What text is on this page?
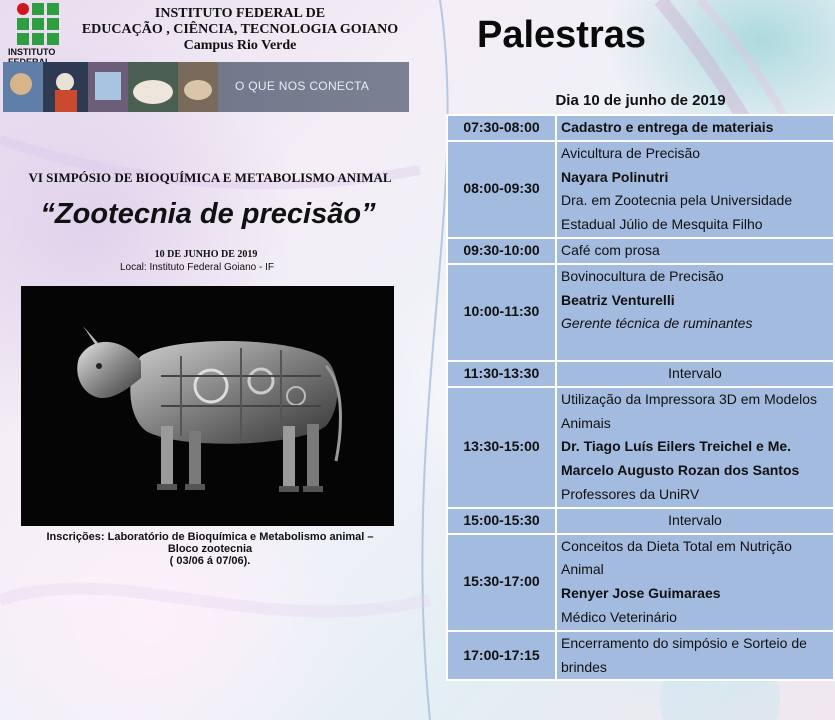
INSTITUTO
INSTITUTO FEDERAL DE
EDUCAÇÃO , CIÊNCIA, TECNOLOGIA GOIANO
Campus Rio Verde
O QUE NOS CONECTA
VI SIMPÓSIO DE BIOQUÍMICA E METABOLISMO ANIMAL
“Zootecnia de precisão”
10 DE JUNHO DE 2019
Local: Instituto Federal Goiano - IF
Inscrições: Laboratório de Bioquímica e Metabolismo animal –
Bloco zootecnia
( 03/06 á 07/06).
Palestras
Dia 10 de junho de 2019
07:30-08:00	Cadastro e entrega de materiais

08:00-09:30	Avicultura de Precisão
Nayara Polinutri
Dra. em Zootecnia pela Universidade Estadual Júlio de Mesquita Filho

09:30-10:00	Café com prosa

10:00-11:30	Bovinocultura de Precisão
Beatriz Venturelli
Gerente técnica de ruminantes

11:30-13:30	Intervalo

13:30-15:00	Utilização da Impressora 3D em Modelos Animais
Dr. Tiago Luís Eilers Treichel e Me. Marcelo Augusto Rozan dos Santos
Professores da UniRV

15:00-15:30	Intervalo

15:30-17:00	Conceitos da Dieta Total em Nutrição Animal
Renyer Jose Guimaraes
Médico Veterinário

17:00-17:15	Encerramento do simpósio e Sorteio de brindes
